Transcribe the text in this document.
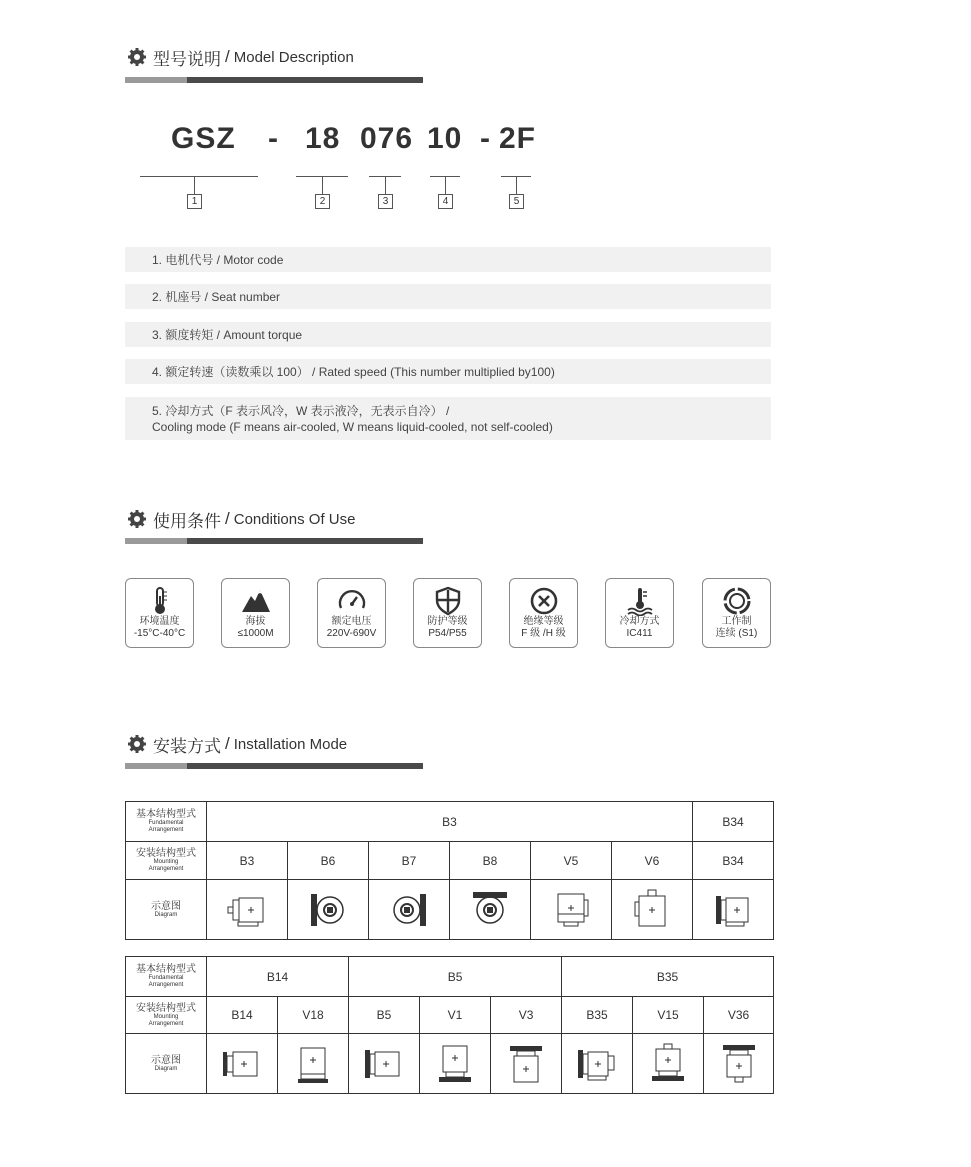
型号说明 / Model Description
GSZ - 18 076 10 - 2F
1	2	3	4	5
1. 电机代号 / Motor code
2. 机座号 / Seat number
3. 额度转矩 / Amount torque
4. 额定转速（读数乘以 100） / Rated speed (This number multiplied by100)
5. 冷却方式（F 表示风冷，W 表示液冷，无表示自冷） /
Cooling mode (F means air-cooled, W means liquid-cooled, not self-cooled)
使用条件 / Conditions Of Use
环境温度
-15°C-40°C
海拔
≤1000M
额定电压
220V-690V
防护等级
P54/P55
绝缘等级
F 级 /H 级
冷却方式
IC411
工作制
连续 (S1)
安装方式 / Installation Mode
基本结构型式
Fundamental
Arrangement	B3						B34

安装结构型式
Mounting
Arrangement	B3	B6	B7	B8	V5	V6	B34

示意图
Diagram

基本结构型式
Fundamental
Arrangement	B14		B5			B35		

安装结构型式
Mounting
Arrangement	B14	V18	B5	V1	V3	B35	V15	V36

示意图
Diagram
